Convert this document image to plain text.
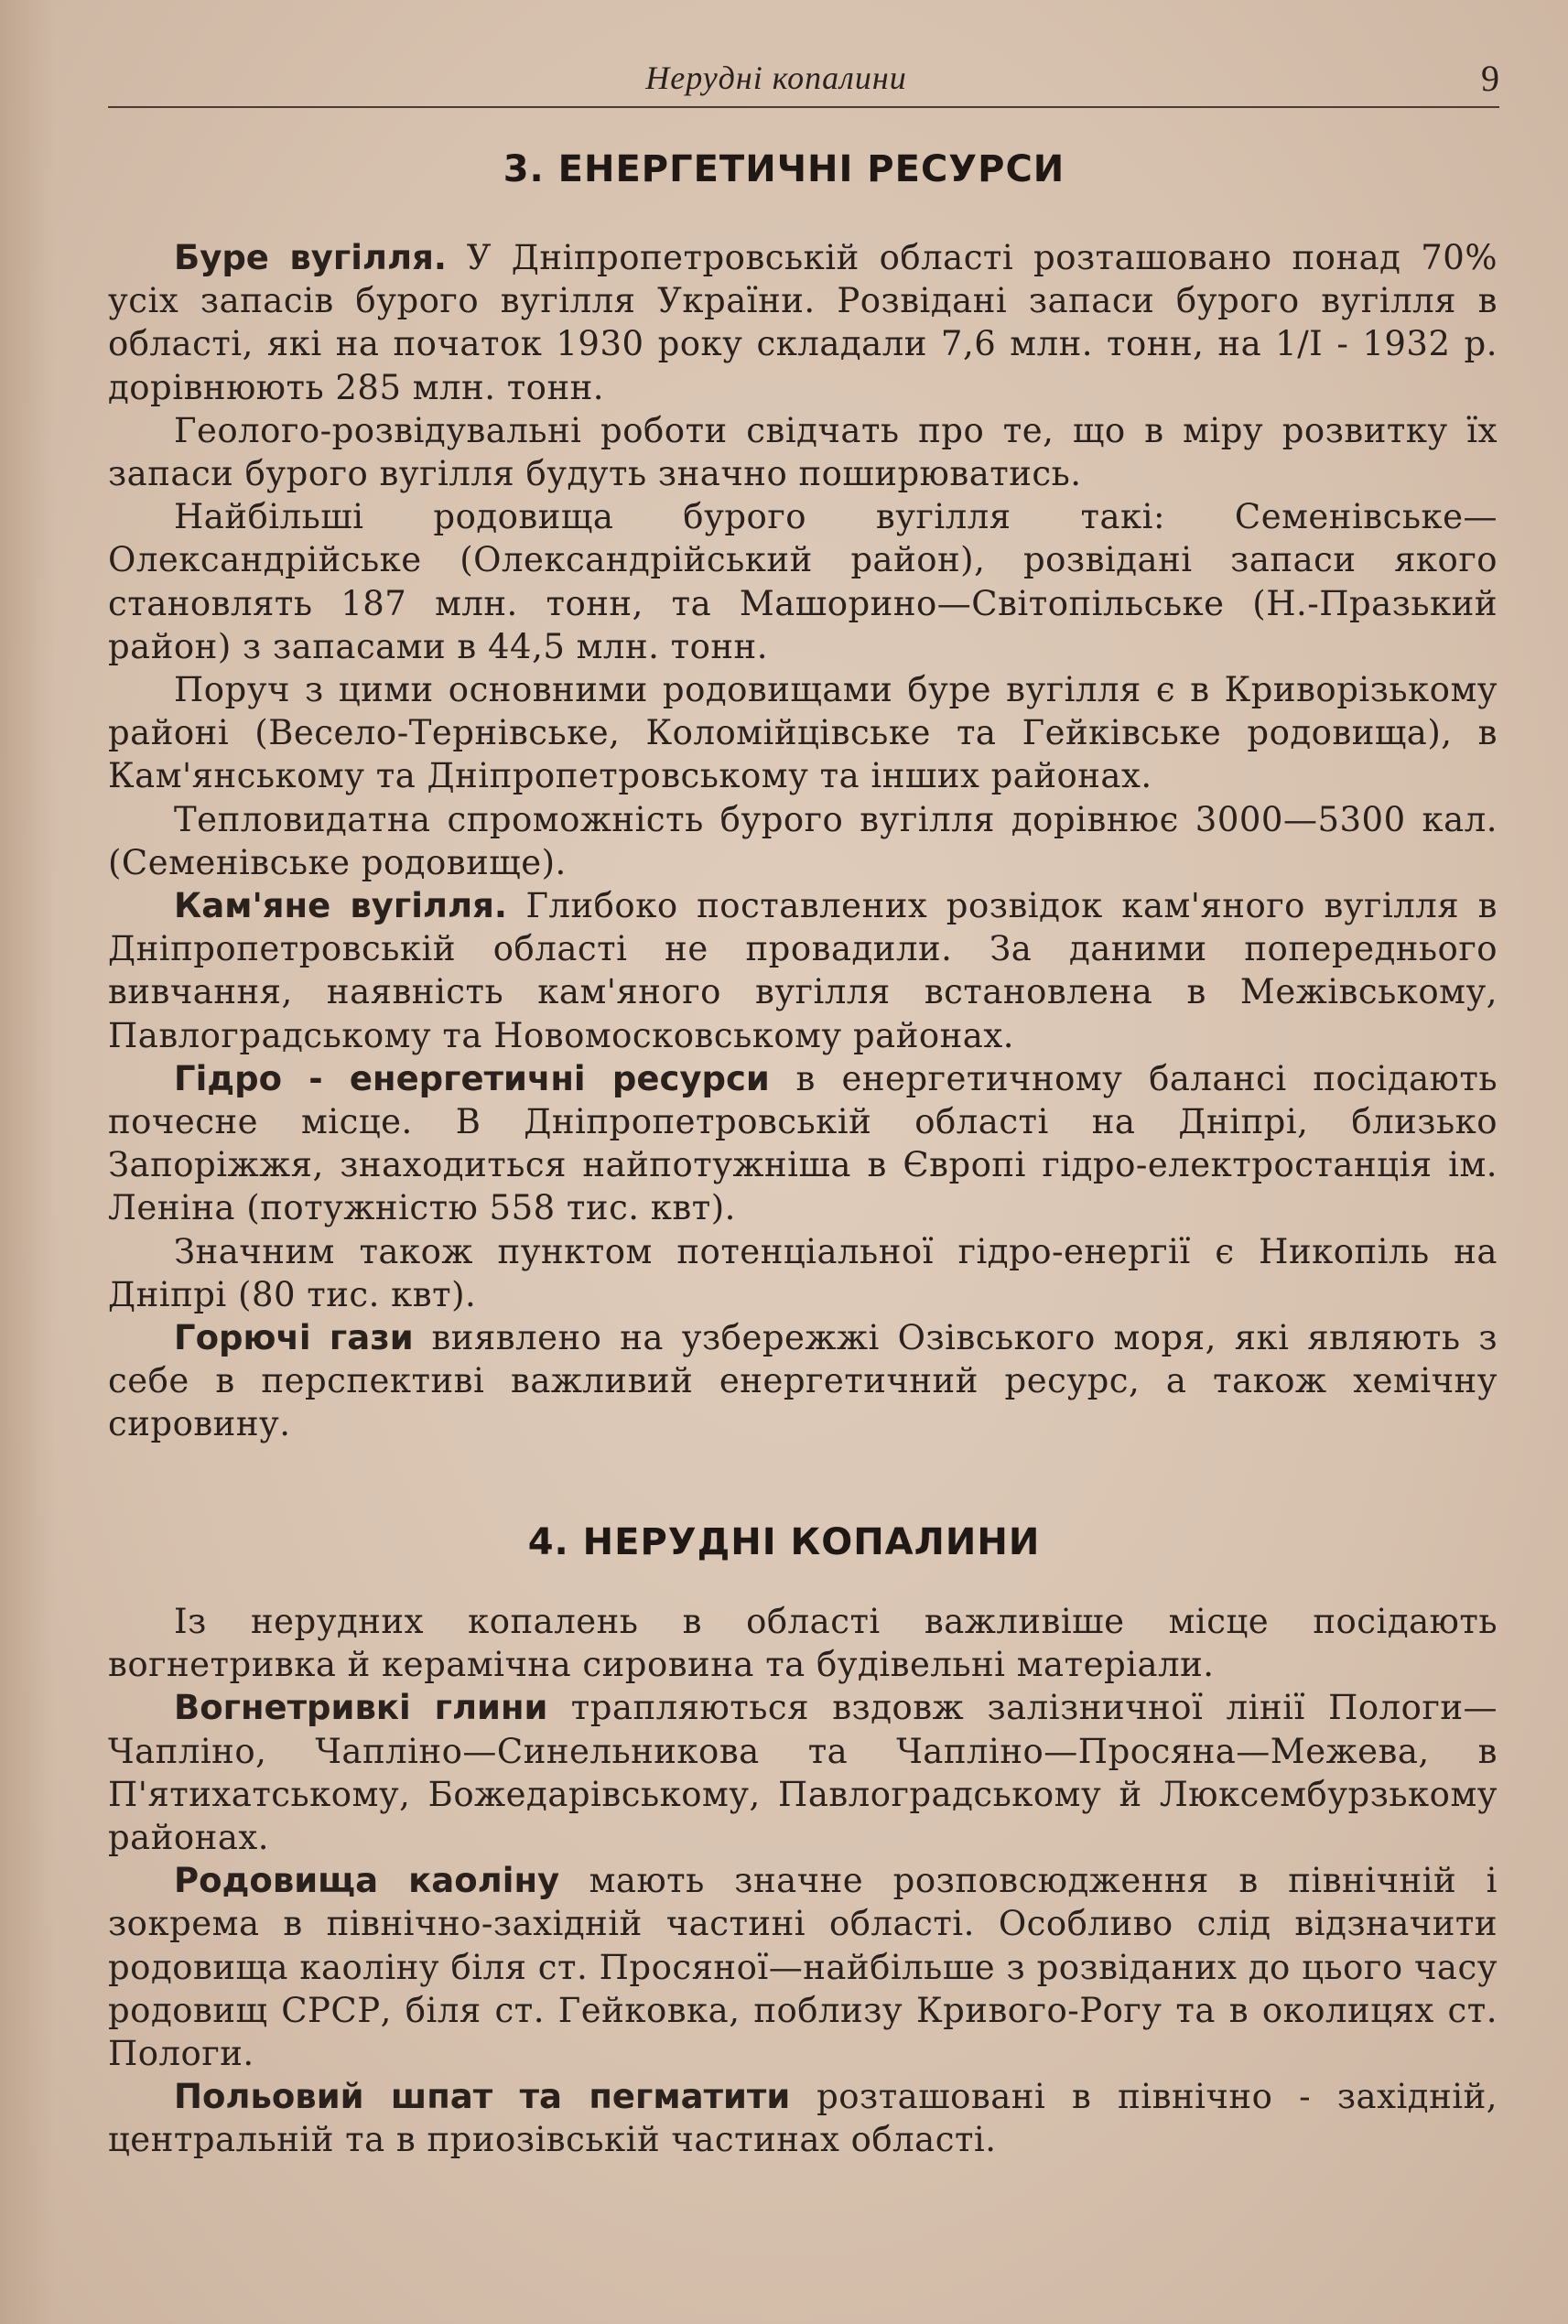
Нерудні копалини	9
3. ЕНЕРГЕТИЧНІ РЕСУРСИ

Буре вугілля. У Дніпропетровській області розташовано понад 70% усіх запасів бурого вугілля України. Розвідані запаси бурого вугілля в області, які на початок 1930 року складали 7,6 млн. тонн, на 1/I - 1932 р. дорівнюють 285 млн. тонн.

Геолого-розвідувальні роботи свідчать про те, що в міру розвитку їх запаси бурого вугілля будуть значно поширюватись.

Найбільші родовища бурого вугілля такі: Семенівське—Олександрійське (Олександрійський район), розвідані запаси якого становлять 187 млн. тонн, та Машорино—Світопільське (Н.-Празький район) з запасами в 44,5 млн. тонн.

Поруч з цими основними родовищами буре вугілля є в Криворізькому районі (Весело-Тернівське, Коломійцівське та Гейківське родовища), в Кам'янському та Дніпропетровському та інших районах.

Тепловидатна спроможність бурого вугілля дорівнює 3000—5300 кал. (Семенівське родовище).

Кам'яне вугілля. Глибоко поставлених розвідок кам'яного вугілля в Дніпропетровській області не провадили. За даними попереднього вивчання, наявність кам'яного вугілля встановлена в Межівському, Павлоградському та Новомосковському районах.

Гідро - енергетичні ресурси в енергетичному балансі посідають почесне місце. В Дніпропетровській області на Дніпрі, близько Запоріжжя, знаходиться найпотужніша в Європі гідро-електростанція ім. Леніна (потужністю 558 тис. квт).

Значним також пунктом потенціальної гідро-енергії є Никопіль на Дніпрі (80 тис. квт).

Горючі гази виявлено на узбережжі Озівського моря, які являють з себе в перспективі важливий енергетичний ресурс, а також хемічну сировину.

4. НЕРУДНІ КОПАЛИНИ

Із нерудних копалень в області важливіше місце посідають вогнетривка й керамічна сировина та будівельні матеріали.

Вогнетривкі глини трапляються вздовж залізничної лінії Пологи—Чапліно, Чапліно—Синельникова та Чапліно—Просяна—Межева, в П'ятихатському, Божедарівському, Павлоградському й Люксембурзькому районах.

Родовища каоліну мають значне розповсюдження в північній і зокрема в північно-західній частині області. Особливо слід відзначити родовища каоліну біля ст. Просяної—найбільше з розвіданих до цього часу родовищ СРСР, біля ст. Гейковка, поблизу Кривого-Рогу та в околицях ст. Пологи.

Польовий шпат та пегматити розташовані в північно - західній, центральній та в приозівській частинах області.
